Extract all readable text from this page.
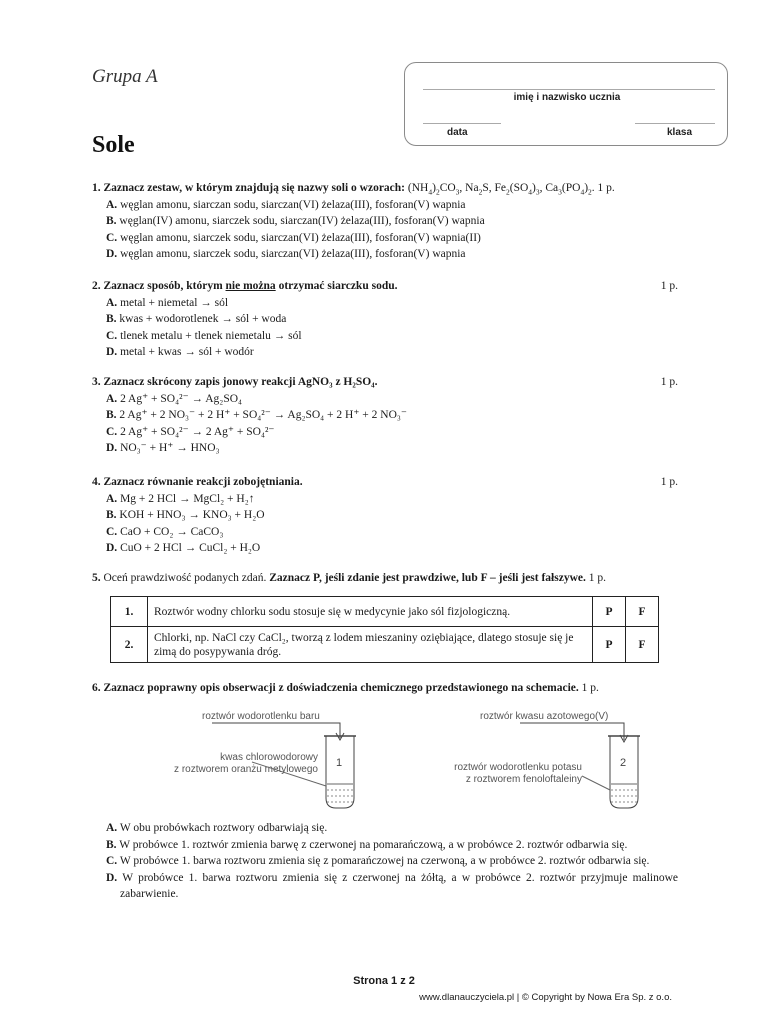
Grupa A
imię i nazwisko ucznia
data	klasa
Sole
1. Zaznacz zestaw, w którym znajdują się nazwy soli o wzorach: $(NH_4)_2CO_3$, $Na_2S$, $Fe_2(SO_4)_3$, $Ca_3(PO_4)_2$. 1 p.
A. węglan amonu, siarczan sodu, siarczan(VI) żelaza(III), fosforan(V) wapnia
B. węglan(IV) amonu, siarczek sodu, siarczan(IV) żelaza(III), fosforan(V) wapnia
C. węglan amonu, siarczek sodu, siarczan(VI) żelaza(III), fosforan(V) wapnia(II)
D. węglan amonu, siarczek sodu, siarczan(VI) żelaza(III), fosforan(V) wapnia
2. Zaznacz sposób, którym nie można otrzymać siarczku sodu.	1 p.
A. metal + niemetal → sól
B. kwas + wodorotlenek → sól + woda
C. tlenek metalu + tlenek niemetalu → sól
D. metal + kwas → sól + wodór
3. Zaznacz skrócony zapis jonowy reakcji AgNO₃ z H₂SO₄.	1 p.
A. 2 Ag⁺ + SO₄²⁻ → Ag₂SO₄
B. 2 Ag⁺ + 2 NO₃⁻ + 2 H⁺ + SO₄²⁻ → Ag₂SO₄ + 2 H⁺ + 2 NO₃⁻
C. 2 Ag⁺ + SO₄²⁻ → 2 Ag⁺ + SO₄²⁻
D. NO₃⁻ + H⁺ → HNO₃
4. Zaznacz równanie reakcji zobojętniania.	1 p.
A. Mg + 2 HCl → MgCl₂ + H₂↑
B. KOH + HNO₃ → KNO₃ + H₂O
C. CaO + CO₂ → CaCO₃
D. CuO + 2 HCl → CuCl₂ + H₂O
5. Oceń prawdziwość podanych zdań. Zaznacz P, jeśli zdanie jest prawdziwe, lub F – jeśli jest fałszywe. 1 p.
1.	Roztwór wodny chlorku sodu stosuje się w medycynie jako sól fizjologiczną.	P	F
2.	Chlorki, np. NaCl czy CaCl₂, tworzą z lodem mieszaniny oziębiające, dlatego stosuje się je zimą do posypywania dróg.	P	F
6. Zaznacz poprawny opis obserwacji z doświadczenia chemicznego przedstawionego na schemacie. 1 p.
roztwór wodorotlenku baru
kwas chlorowodorowy
z roztworem oranżu metylowego
roztwór kwasu azotowego(V)
roztwór wodorotlenku potasu
z roztworem fenoloftaleiny
1	2
A. W obu probówkach roztwory odbarwiają się.
B. W probówce 1. roztwór zmienia barwę z czerwonej na pomarańczową, a w probówce 2. roztwór odbarwia się.
C. W probówce 1. barwa roztworu zmienia się z pomarańczowej na czerwoną, a w probówce 2. roztwór odbarwia się.
D. W probówce 1. barwa roztworu zmienia się z czerwonej na żółtą, a w probówce 2. roztwór przyjmuje malinowe zabarwienie.
Strona 1 z 2
www.dlanauczyciela.pl | © Copyright by Nowa Era Sp. z o.o.
